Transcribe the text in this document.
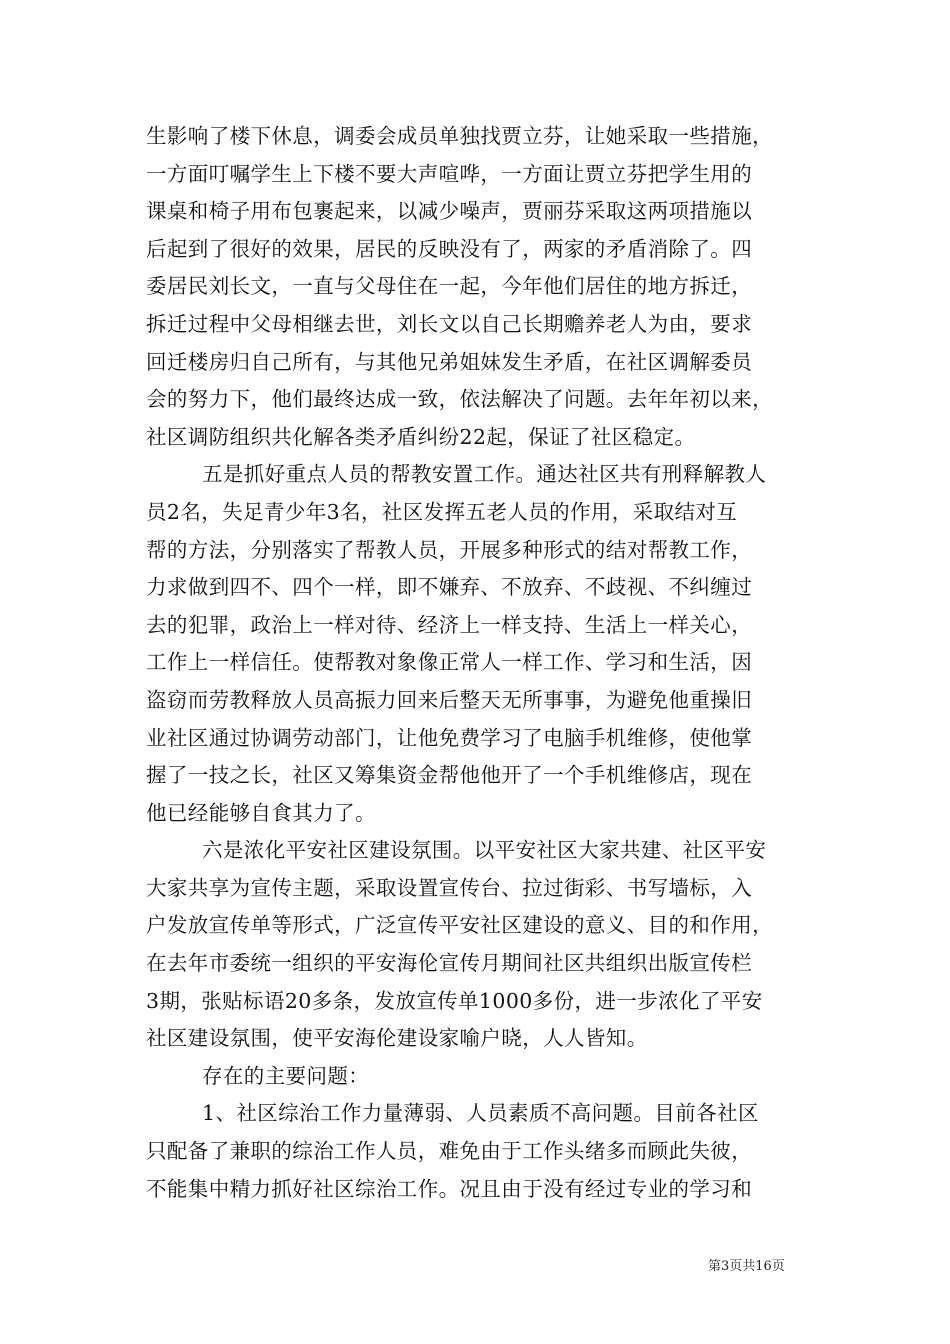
生影响了楼下休息，调委会成员单独找贾立芬，让她采取一些措施，
一方面叮嘱学生上下楼不要大声喧哗，一方面让贾立芬把学生用的
课桌和椅子用布包裹起来，以减少噪声，贾丽芬采取这两项措施以
后起到了很好的效果，居民的反映没有了，两家的矛盾消除了。四
委居民刘长文，一直与父母住在一起，今年他们居住的地方拆迁，
拆迁过程中父母相继去世，刘长文以自己长期赡养老人为由，要求
回迁楼房归自己所有，与其他兄弟姐妹发生矛盾，在社区调解委员
会的努力下，他们最终达成一致，依法解决了问题。去年年初以来，
社区调防组织共化解各类矛盾纠纷22起，保证了社区稳定。
五是抓好重点人员的帮教安置工作。通达社区共有刑释解教人
员2名，失足青少年3名，社区发挥五老人员的作用，采取结对互
帮的方法，分别落实了帮教人员，开展多种形式的结对帮教工作，
力求做到四不、四个一样，即不嫌弃、不放弃、不歧视、不纠缠过
去的犯罪，政治上一样对待、经济上一样支持、生活上一样关心，
工作上一样信任。使帮教对象像正常人一样工作、学习和生活，因
盗窃而劳教释放人员高振力回来后整天无所事事，为避免他重操旧
业社区通过协调劳动部门，让他免费学习了电脑手机维修，使他掌
握了一技之长，社区又筹集资金帮他他开了一个手机维修店，现在
他已经能够自食其力了。
六是浓化平安社区建设氛围。以平安社区大家共建、社区平安
大家共享为宣传主题，采取设置宣传台、拉过街彩、书写墙标，入
户发放宣传单等形式，广泛宣传平安社区建设的意义、目的和作用，
在去年市委统一组织的平安海伦宣传月期间社区共组织出版宣传栏
3期，张贴标语20多条，发放宣传单1000多份，进一步浓化了平安
社区建设氛围，使平安海伦建设家喻户晓，人人皆知。
存在的主要问题：
1、社区综治工作力量薄弱、人员素质不高问题。目前各社区
只配备了兼职的综治工作人员，难免由于工作头绪多而顾此失彼，
不能集中精力抓好社区综治工作。况且由于没有经过专业的学习和
第3页共16页
